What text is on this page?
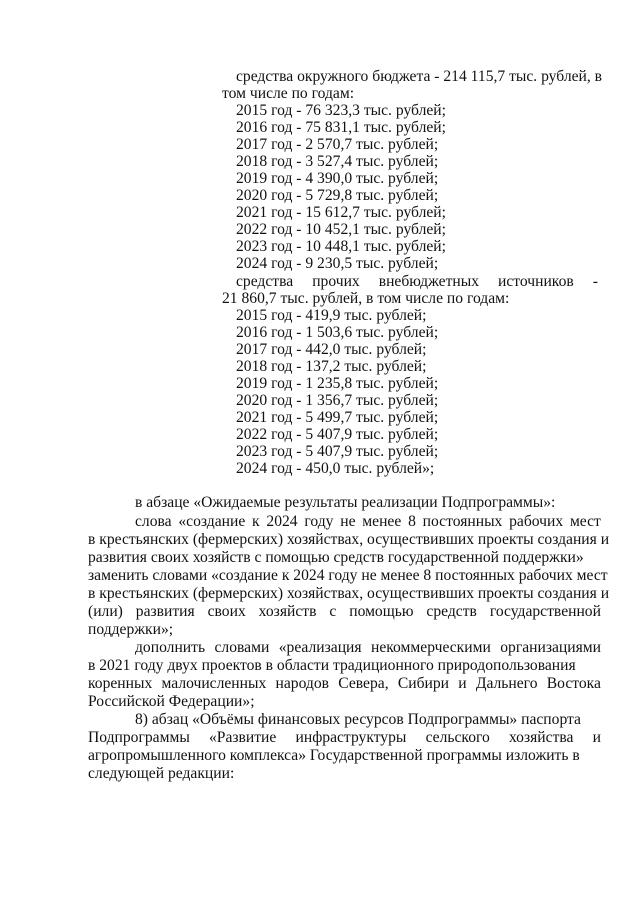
средства окружного бюджета - 214 115,7 тыс. рублей, в
том числе по годам:
2015 год - 76 323,3 тыс. рублей;
2016 год - 75 831,1 тыс. рублей;
2017 год - 2 570,7 тыс. рублей;
2018 год - 3 527,4 тыс. рублей;
2019 год - 4 390,0 тыс. рублей;
2020 год - 5 729,8 тыс. рублей;
2021 год - 15 612,7 тыс. рублей;
2022 год - 10 452,1 тыс. рублей;
2023 год - 10 448,1 тыс. рублей;
2024 год - 9 230,5 тыс. рублей;
средства прочих внебюджетных источников -
21 860,7 тыс. рублей, в том числе по годам:
2015 год - 419,9 тыс. рублей;
2016 год - 1 503,6 тыс. рублей;
2017 год - 442,0 тыс. рублей;
2018 год - 137,2 тыс. рублей;
2019 год - 1 235,8 тыс. рублей;
2020 год - 1 356,7 тыс. рублей;
2021 год - 5 499,7 тыс. рублей;
2022 год - 5 407,9 тыс. рублей;
2023 год - 5 407,9 тыс. рублей;
2024 год - 450,0 тыс. рублей»;
в абзаце «Ожидаемые результаты реализации Подпрограммы»:
слова «создание к 2024 году не менее 8 постоянных рабочих мест
в крестьянских (фермерских) хозяйствах, осуществивших проекты создания и
развития своих хозяйств с помощью средств государственной поддержки»
заменить словами «создание к 2024 году не менее 8 постоянных рабочих мест
в крестьянских (фермерских) хозяйствах, осуществивших проекты создания и
(или) развития своих хозяйств с помощью средств государственной
поддержки»;
дополнить словами «реализация некоммерческими организациями
в 2021 году двух проектов в области традиционного природопользования
коренных малочисленных народов Севера, Сибири и Дальнего Востока
Российской Федерации»;
8) абзац «Объёмы финансовых ресурсов Подпрограммы» паспорта
Подпрограммы «Развитие инфраструктуры сельского хозяйства и
агропромышленного комплекса» Государственной программы изложить в
следующей редакции:
